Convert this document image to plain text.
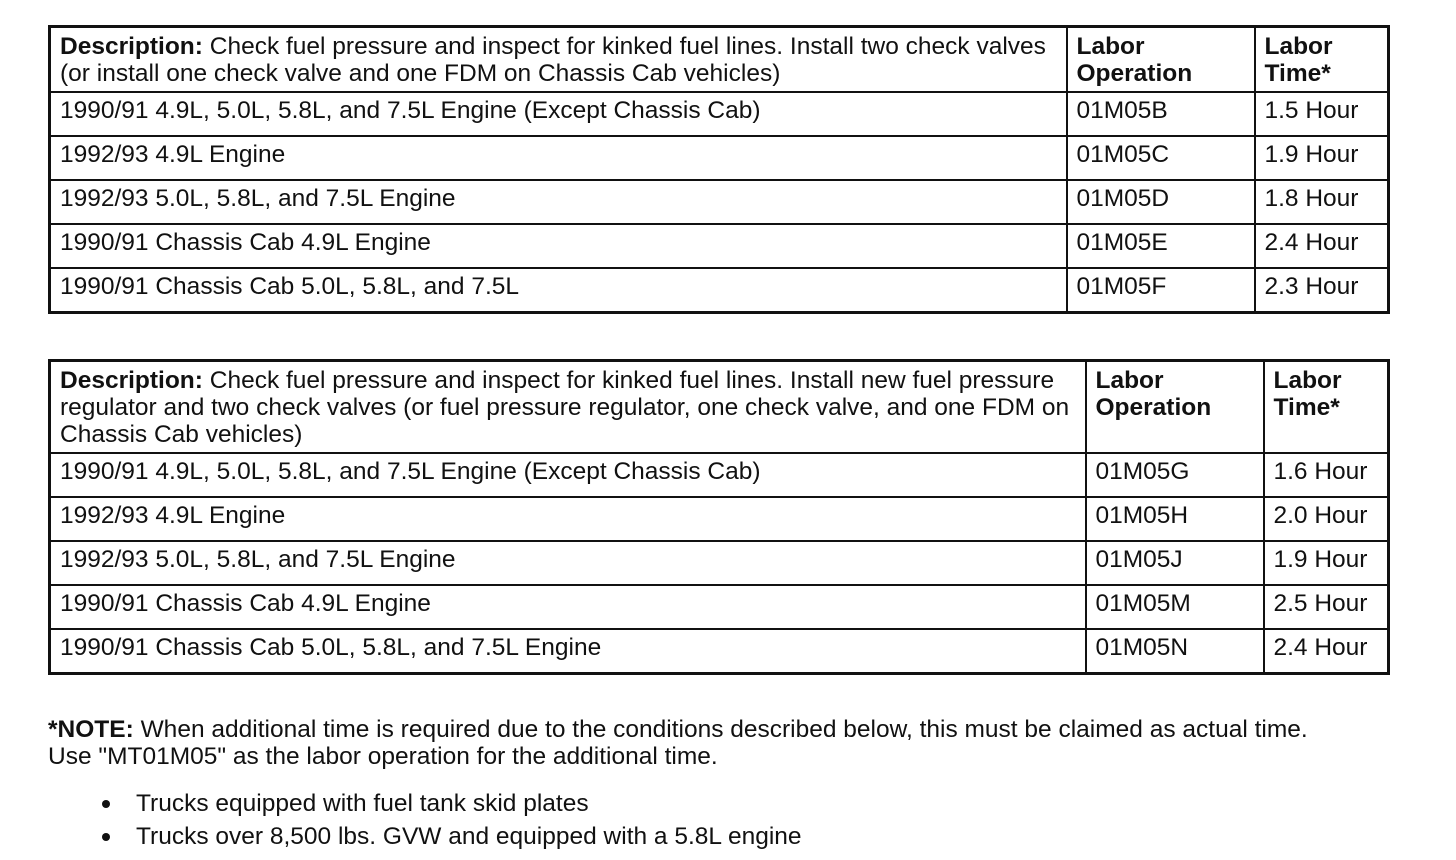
Description: Check fuel pressure and inspect for kinked fuel lines. Install two check valves (or install one check valve and one FDM on Chassis Cab vehicles)	Labor Operation	Labor Time*
1990/91 4.9L, 5.0L, 5.8L, and 7.5L Engine (Except Chassis Cab)	01M05B	1.5 Hour
1992/93 4.9L Engine	01M05C	1.9 Hour
1992/93 5.0L, 5.8L, and 7.5L Engine	01M05D	1.8 Hour
1990/91 Chassis Cab 4.9L Engine	01M05E	2.4 Hour
1990/91 Chassis Cab 5.0L, 5.8L, and 7.5L	01M05F	2.3 Hour
Description: Check fuel pressure and inspect for kinked fuel lines. Install new fuel pressure regulator and two check valves (or fuel pressure regulator, one check valve, and one FDM on Chassis Cab vehicles)	Labor Operation	Labor Time*
1990/91 4.9L, 5.0L, 5.8L, and 7.5L Engine (Except Chassis Cab)	01M05G	1.6 Hour
1992/93 4.9L Engine	01M05H	2.0 Hour
1992/93 5.0L, 5.8L, and 7.5L Engine	01M05J	1.9 Hour
1990/91 Chassis Cab 4.9L Engine	01M05M	2.5 Hour
1990/91 Chassis Cab 5.0L, 5.8L, and 7.5L Engine	01M05N	2.4 Hour
*NOTE: When additional time is required due to the conditions described below, this must be claimed as actual time. Use "MT01M05" as the labor operation for the additional time.
Trucks equipped with fuel tank skid plates
Trucks over 8,500 lbs. GVW and equipped with a 5.8L engine
